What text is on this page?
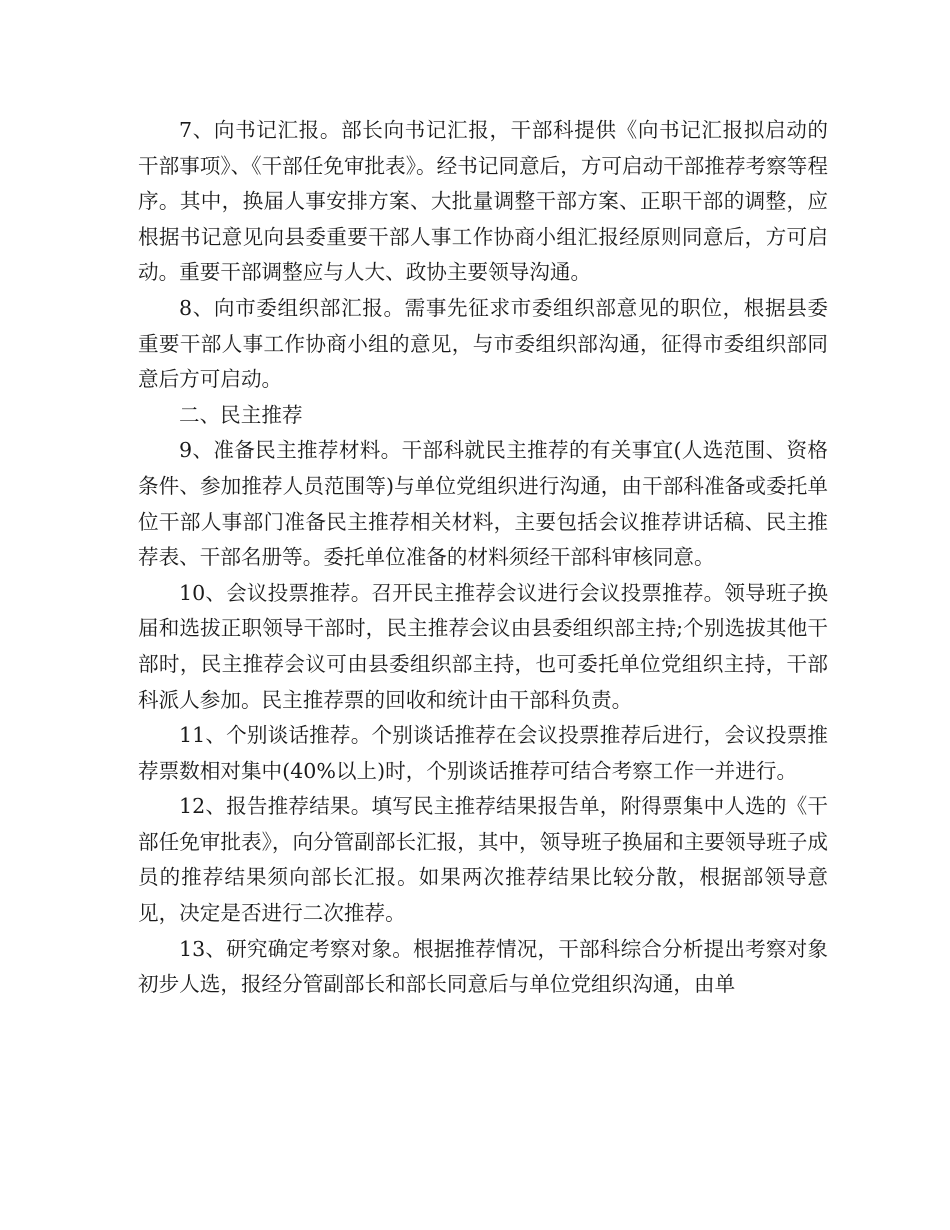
7、向书记汇报。部长向书记汇报，干部科提供《向书记汇报拟启动的干部事项》、《干部任免审批表》。经书记同意后，方可启动干部推荐考察等程序。其中，换届人事安排方案、大批量调整干部方案、正职干部的调整，应根据书记意见向县委重要干部人事工作协商小组汇报经原则同意后，方可启动。重要干部调整应与人大、政协主要领导沟通。

8、向市委组织部汇报。需事先征求市委组织部意见的职位，根据县委重要干部人事工作协商小组的意见，与市委组织部沟通，征得市委组织部同意后方可启动。

二、民主推荐

9、准备民主推荐材料。干部科就民主推荐的有关事宜(人选范围、资格条件、参加推荐人员范围等)与单位党组织进行沟通，由干部科准备或委托单位干部人事部门准备民主推荐相关材料，主要包括会议推荐讲话稿、民主推荐表、干部名册等。委托单位准备的材料须经干部科审核同意。

10、会议投票推荐。召开民主推荐会议进行会议投票推荐。领导班子换届和选拔正职领导干部时，民主推荐会议由县委组织部主持;个别选拔其他干部时，民主推荐会议可由县委组织部主持，也可委托单位党组织主持，干部科派人参加。民主推荐票的回收和统计由干部科负责。

11、个别谈话推荐。个别谈话推荐在会议投票推荐后进行，会议投票推荐票数相对集中(40%以上)时，个别谈话推荐可结合考察工作一并进行。

12、报告推荐结果。填写民主推荐结果报告单，附得票集中人选的《干部任免审批表》，向分管副部长汇报，其中，领导班子换届和主要领导班子成员的推荐结果须向部长汇报。如果两次推荐结果比较分散，根据部领导意见，决定是否进行二次推荐。

13、研究确定考察对象。根据推荐情况，干部科综合分析提出考察对象初步人选，报经分管副部长和部长同意后与单位党组织沟通，由单
